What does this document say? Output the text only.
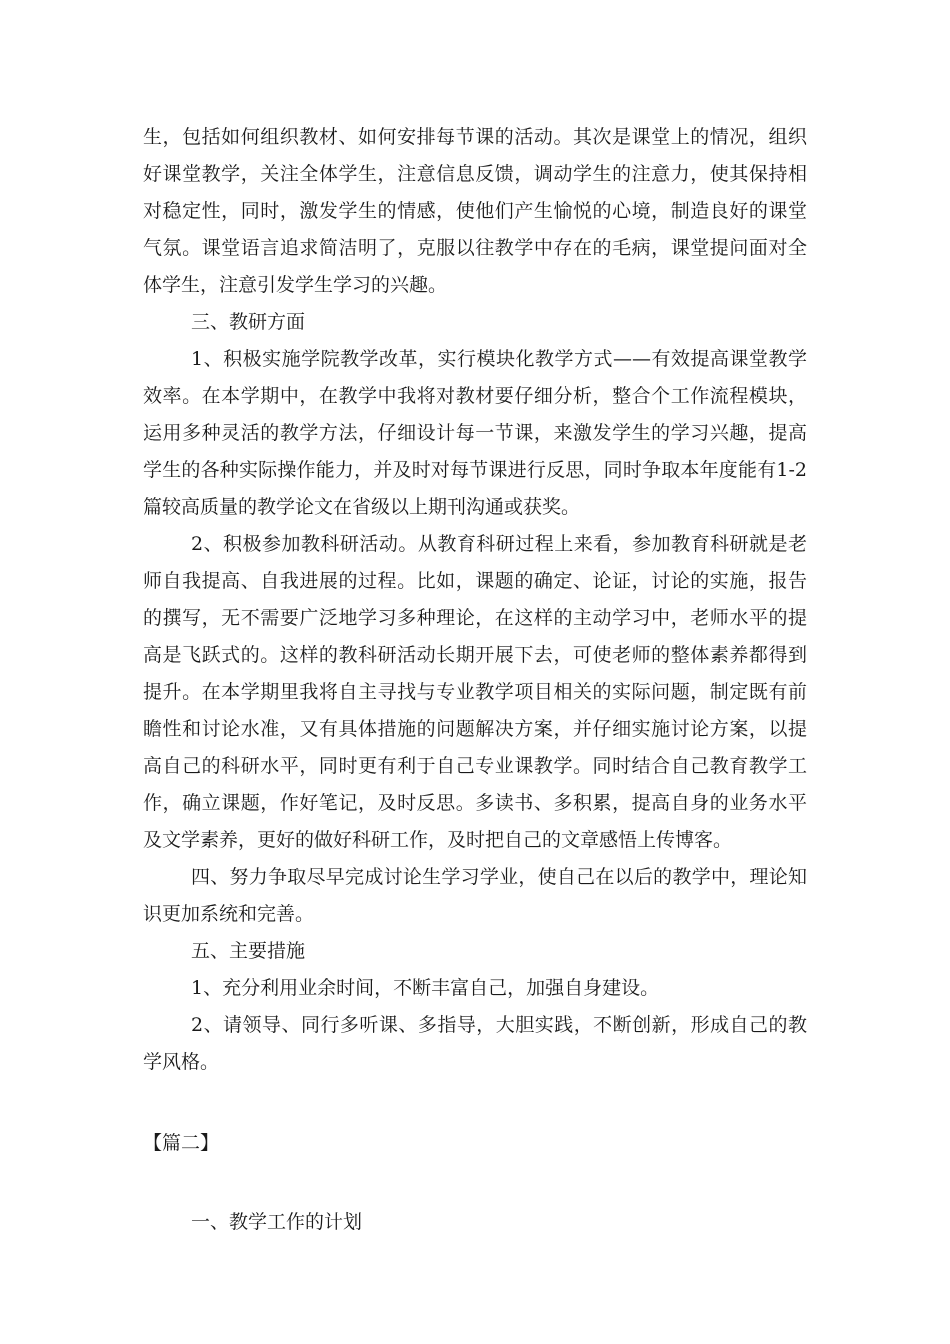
生，包括如何组织教材、如何安排每节课的活动。其次是课堂上的情况，组织好课堂教学，关注全体学生，注意信息反馈，调动学生的注意力，使其保持相对稳定性，同时，激发学生的情感，使他们产生愉悦的心境，制造良好的课堂气氛。课堂语言追求简洁明了，克服以往教学中存在的毛病，课堂提问面对全体学生，注意引发学生学习的兴趣。

三、教研方面

1、积极实施学院教学改革，实行模块化教学方式——有效提高课堂教学效率。在本学期中，在教学中我将对教材要仔细分析，整合个工作流程模块，运用多种灵活的教学方法，仔细设计每一节课，来激发学生的学习兴趣，提高学生的各种实际操作能力，并及时对每节课进行反思，同时争取本年度能有1-2篇较高质量的教学论文在省级以上期刊沟通或获奖。

2、积极参加教科研活动。从教育科研过程上来看，参加教育科研就是老师自我提高、自我进展的过程。比如，课题的确定、论证，讨论的实施，报告的撰写，无不需要广泛地学习多种理论，在这样的主动学习中，老师水平的提高是飞跃式的。这样的教科研活动长期开展下去，可使老师的整体素养都得到提升。在本学期里我将自主寻找与专业教学项目相关的实际问题，制定既有前瞻性和讨论水准，又有具体措施的问题解决方案，并仔细实施讨论方案，以提高自己的科研水平，同时更有利于自己专业课教学。同时结合自己教育教学工作，确立课题，作好笔记，及时反思。多读书、多积累，提高自身的业务水平及文学素养，更好的做好科研工作，及时把自己的文章感悟上传博客。

四、努力争取尽早完成讨论生学习学业，使自己在以后的教学中，理论知识更加系统和完善。

五、主要措施

1、充分利用业余时间，不断丰富自己，加强自身建设。

2、请领导、同行多听课、多指导，大胆实践，不断创新，形成自己的教学风格。

【篇二】

一、教学工作的计划
